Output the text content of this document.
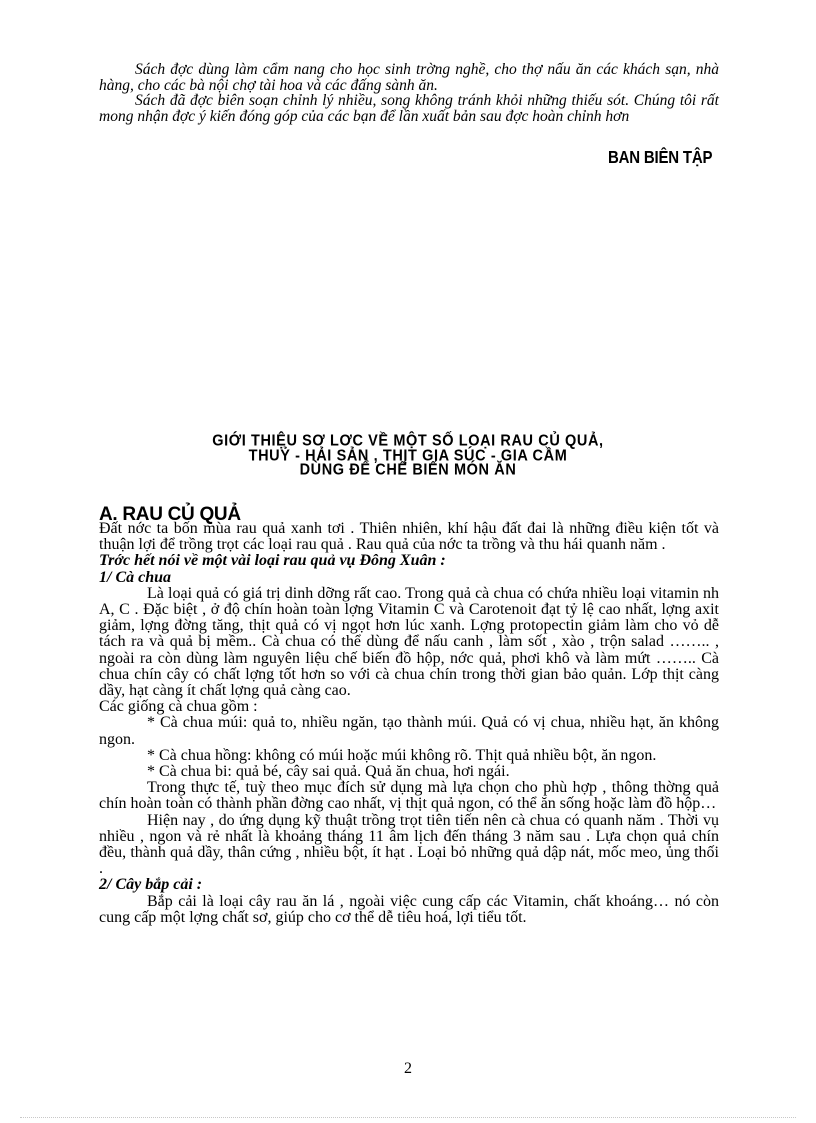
Sách đợc dùng làm cẩm nang cho học sinh trờng nghề, cho thợ nấu ăn các khách sạn, nhà hàng, cho các bà nội chợ tài hoa và các đấng sành ăn.

Sách đã đợc biên soạn chỉnh lý nhiều, song không tránh khỏi những thiếu sót. Chúng tôi rất mong nhận đợc ý kiến đóng góp của các bạn để lần xuất bản sau đợc hoàn chỉnh hơn

BAN BIÊN TẬP
GIỚI THIỆU SƠ LƠC VỀ MỘT SỐ LOẠI RAU CỦ QUẢ,
THUỶ - HẢI SẢN , THỊT GIA SÚC - GIA CẦM
DÙNG ĐỂ CHẾ BIẾN MÓN ĂN
A. RAU CỦ QUẢ

Đất nớc ta bốn mùa rau quả xanh tơi . Thiên nhiên, khí hậu đất đai là những điều kiện tốt và thuận lợi để trồng trọt các loại rau quả . Rau quả của nớc ta trồng và thu hái quanh năm .

Trớc hết nói về một vài loại rau quả vụ Đông Xuân :

1/ Cà chua

Là loại quả có giá trị dinh dỡng rất cao. Trong quả cà chua có chứa nhiều loại vitamin nh A, C . Đặc biệt , ở độ chín hoàn toàn lợng Vitamin C và Carotenoit đạt tỷ lệ cao nhất, lợng axit giảm, lợng đờng tăng, thịt quả có vị ngọt hơn lúc xanh. Lợng protopectin giảm làm cho vỏ dễ tách ra và quả bị mềm.. Cà chua có thể dùng để nấu canh , làm sốt , xào , trộn salad …….. , ngoài ra còn dùng làm nguyên liệu chế biến đồ hộp, nớc quả, phơi khô và làm mứt …….. Cà chua chín cây có chất lợng tốt hơn so với cà chua chín trong thời gian bảo quản. Lớp thịt càng dầy, hạt càng ít chất lợng quả càng cao.

Các giống cà chua gồm :

* Cà chua múi: quả to, nhiều ngăn, tạo thành múi. Quả có vị chua, nhiều hạt, ăn không ngon.

* Cà chua hồng: không có múi hoặc múi không rõ. Thịt quả nhiều bột, ăn ngon.

* Cà chua bi: quả bé, cây sai quả. Quả ăn chua, hơi ngái.

Trong thực tế, tuỳ theo mục đích sử dụng mà lựa chọn cho phù hợp , thông thờng quả chín hoàn toàn có thành phần đờng cao nhất, vị thịt quả ngon, có thể ăn sống hoặc làm đồ hộp…

Hiện nay , do ứng dụng kỹ thuật trồng trọt tiên tiến nên cà chua có quanh năm . Thời vụ nhiều , ngon và rẻ nhất là khoảng tháng 11 âm lịch đến tháng 3 năm sau . Lựa chọn quả chín đều, thành quả dầy, thân cứng , nhiều bột, ít hạt . Loại bỏ những quả dập nát, mốc meo, ủng thối .

2/ Cây bắp cải :

Bắp cải là loại cây rau ăn lá , ngoài việc cung cấp các Vitamin, chất khoáng… nó còn cung cấp một lợng chất sơ, giúp cho cơ thể dễ tiêu hoá, lợi tiểu tốt.

2
